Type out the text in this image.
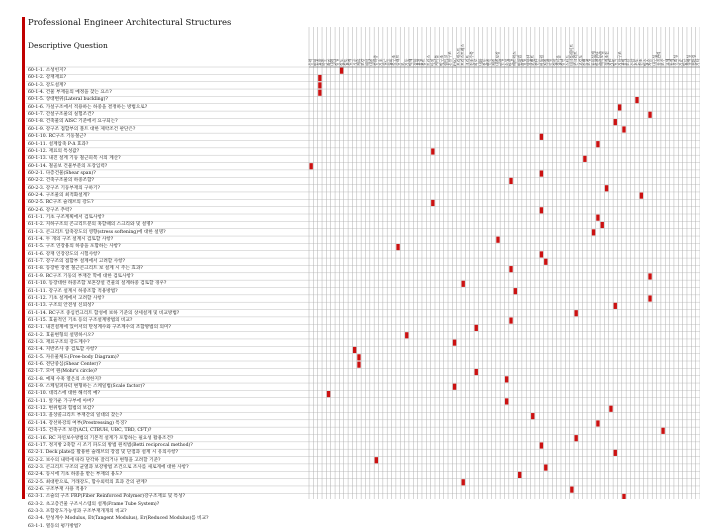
Professional Engineer Architectural Structures
Descriptive Question
응력 변형 효율 하중 좌굴 내력 강성 강도 검토 설계 시공 재료 보강 해석 내진 풍하중 기초 철근 철골 목구조 슬래브 보 기둥 벽체 접합 용접 볼트 트러스 아치 케이블 막구조 쉐이크 혼합구조 PSC 프리캐스트 프리스트레스 크리프 건조수축 피로 내화 진동 면진 제진 내진보강 연성 소성 탄성 매트릭스 변위법 힘법 영향선 모멘트 전단 비틀림 처짐 균열 정착 겹이음 강선 스터드 데크플레이트 콘크리트 고강도 간면 보정 통합설계 안전진단 해석모델 경계조건 지반 말뚝 지하구조 용벽 토압 수압 온도 건조 방수 차음 내구성 유지관리 보수 교체 통계 신뢰성 기준 법규 경제성 친환경 기타
60-1-1. 소성힌지?
60-1-2. 강재재료?
60-1-3. 강도설계?
60-1-4. 건물 부재들의 예정을 찾는 요소?
60-1-5. 상대변위(Lateral buckling)?
60-1-6. 가설구조에서 적용하는 하중을 결정하는 방법으로?
60-1-7. 간설구조물의 실험조건?
60-1-8. 건축물의 AISC 기준에서 요구되는?
60-1-9. 강구조 접합부의 볼트 대한 제약조건 판단은?
60-1-10. RC구조 기둥철근?
60-1-11. 설계압축 P-Δ 효과?
60-1-12. 재료의 특성값?
60-1-13. 내진 설계 기둥 철근피복 시의 계산?
60-1-14. 철골보 건물부분의 포장입력?
60-2-1. 다층건물(Shear span)?
60-2-2. 건축구조물의 하중조합?
60-2-3. 강구조 기둥부재의 구하기?
60-2-4. 구조물의 최적화설계?
60-2-5. RC구조 슬래브의 강도?
60-2-6. 강구조 추력?
61-1-1. 기초 구조계획에서 검토사항?
61-1-2. 지하구조의 콘크리트분의 혹할때의 스크리와 및 설명?
61-1-3. 콘크리트 압축강도의 영향(stress softening)에 대한 설명?
61-1-4. 두 개의 구조 설계시 검토할 사항?
61-1-5. 구조 연장용의 하중을 포함하는 사항?
61-1-6. 강재 인장강도의 시험사항?
61-1-7. 강구조의 접합부 설계에서 고려할 사항?
61-1-8. 동장한 장센 철근콘크리트 보 설계 시 주는 효과?
61-1-9. RC구조 기둥의 부재간 학에 대한 검토사항?
61-1-10. 동장대한 하중조합 보혼장설 건물의 설계하중 검토할 경우?
61-1-11. 강구조 설계시 하중조합 적용방법?
61-1-12. 기초 설계에서 고려할 사항?
61-1-13. 구조의 안전성 신뢰성?
61-1-14. RC구조 중심컨크리트 합성에 보하 기준의 상세설계 및 비교방법?
61-1-15. 효율적인 기초 등의 구조설계방법의 비교?
62-1-1. 내진설계에 있어서의 탄성계수와 구조계수의 조합방법의 의미?
62-1-2. 효율변형의 설명하시오?
62-1-3. 재료구조의 강도계수?
62-1-4. 지반조사 중 검토할 사항?
62-1-5. 자유물체도(Free-body Diagram)?
62-1-6. 전단중심(Shear Center)?
62-1-7. 모어 원(Mohr's circle)?
62-1-8. 예제 수훅 열온의 소성한지?
62-1-9. 스케일퍼다터 변형하는 스케일법(Scale factor)?
62-1-10. 대리스에 대한 해석적 예?
62-1-11. 앞가운 가구부에 아버?
62-1-12. 변위법과 힘법의 보감?
62-1-13. 올상콜크리트 부재간의 일대의 찾는?
62-1-14. 강선하강의 여부(Prestressing) 특징?
62-1-15. 건축구조 보강(ACI, CTBUH, UBC, TBD, CFT)?
62-1-16. RC 자연보수방법의 기본적 설계가 포함하는 필요성 활용조건?
62-1-17. 정지방 2축할 시 조기 파도의 방법 원칙법(Betti reciprocal method)?
62-2-1. Deck plate를 활용한 슬래브의 장점 및 단점과 설계 시 유의사항?
62-2-2. 보수의 내력에 따라 단각하 잘리거나 변형을 고려할 기준?
62-2-3. 콘크리트 구조의 균열과 보강방법 조건으로 조사를 새로게에 대한 사항?
62-2-4. 동시에 기초 하중을 받는 부재의 용도?
62-2-5. 최대반으로, 거래강도, 함수외력의 효과 간의 관계?
62-2-6. 구조부재 사용 적용?
62-3-1. 소슬의 구조 FRP(Fiber Reinforced Polymer)강구조재료 및 특성?
62-3-2. 초고층건물 구조시스템의 설계(Frame Tube System)?
62-3-3. 포함강도가능성과 구조부재개개의 비교?
62-3-4. 탄성계수 Modulus, Et(Tangent Modulus), Er(Reduced Modulus)를 비교?
63-1-1. 열동의 평가방법?
